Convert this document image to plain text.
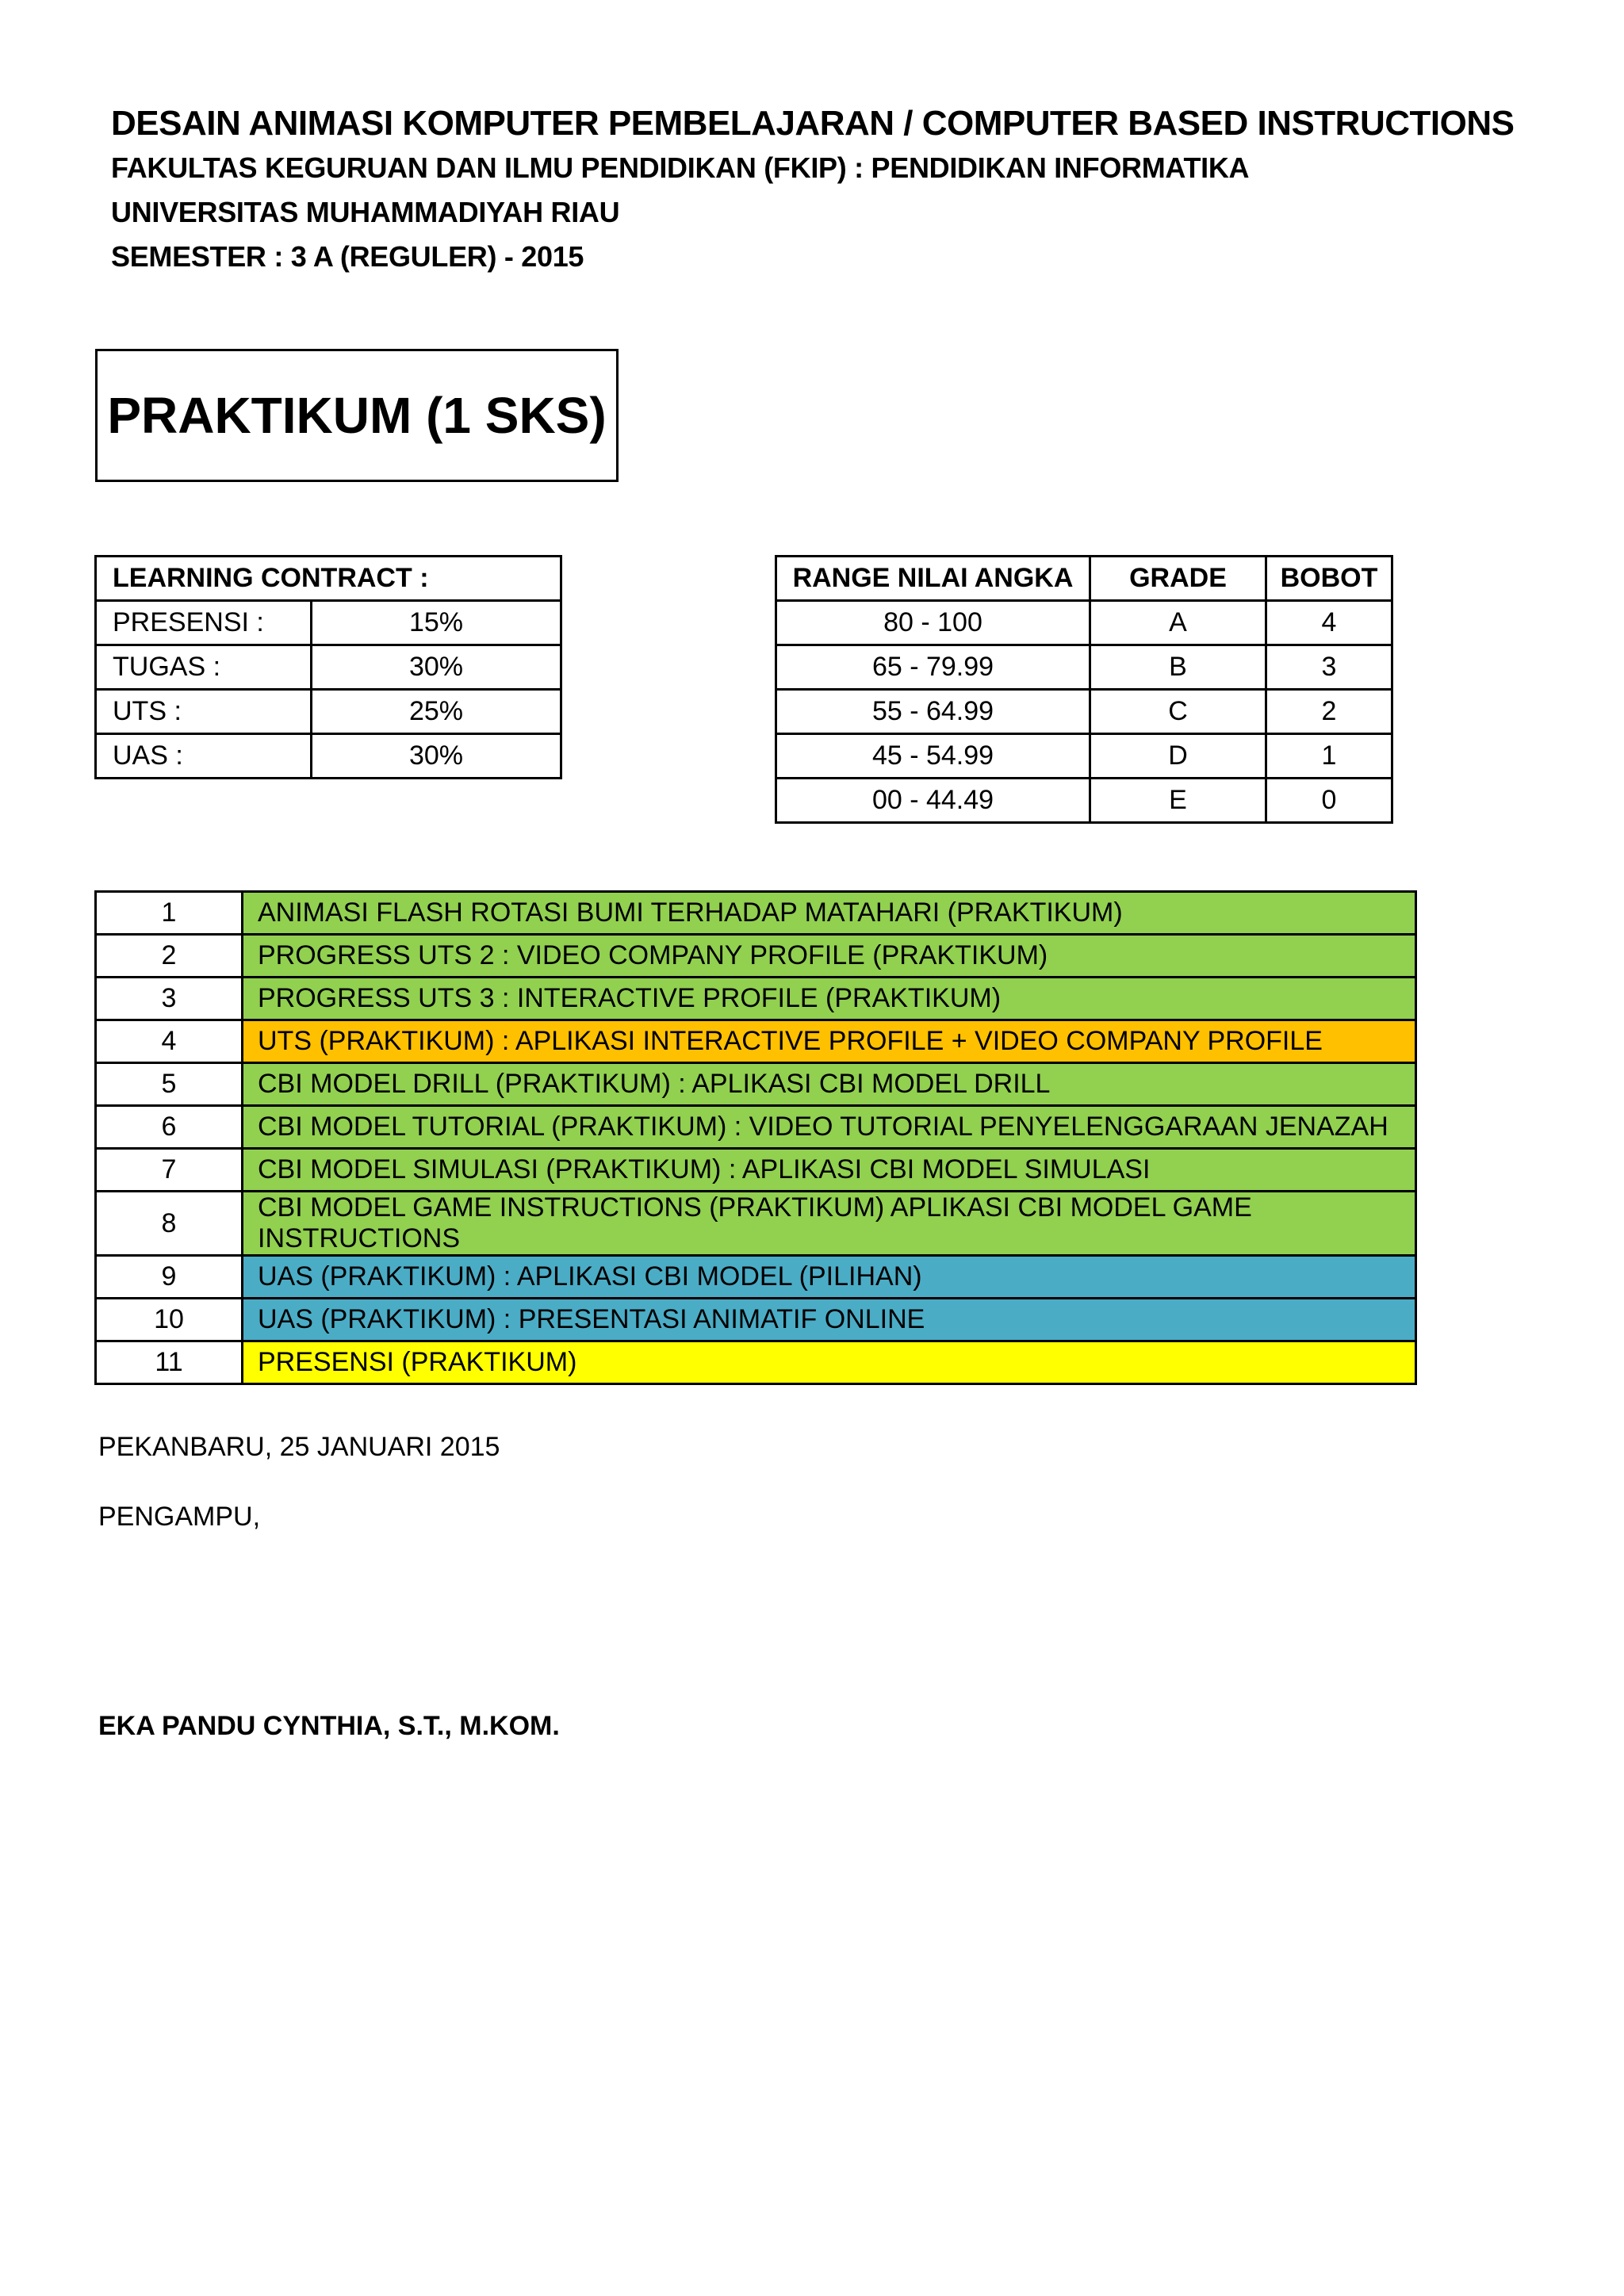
DESAIN ANIMASI KOMPUTER PEMBELAJARAN / COMPUTER BASED INSTRUCTIONS
FAKULTAS KEGURUAN DAN ILMU PENDIDIKAN (FKIP) : PENDIDIKAN INFORMATIKA
UNIVERSITAS MUHAMMADIYAH RIAU
SEMESTER : 3 A (REGULER) - 2015
PRAKTIKUM (1 SKS)
LEARNING CONTRACT :	
PRESENSI :	15%
TUGAS :	30%
UTS :	25%
UAS :	30%
RANGE NILAI ANGKA	GRADE	BOBOT
80 - 100	A	4
65 - 79.99	B	3
55 - 64.99	C	2
45 - 54.99	D	1
00 - 44.49	E	0
1	ANIMASI FLASH ROTASI BUMI TERHADAP MATAHARI (PRAKTIKUM)
2	PROGRESS UTS 2 : VIDEO COMPANY PROFILE (PRAKTIKUM)
3	PROGRESS UTS 3 : INTERACTIVE PROFILE (PRAKTIKUM)
4	UTS (PRAKTIKUM) : APLIKASI INTERACTIVE PROFILE + VIDEO COMPANY PROFILE
5	CBI MODEL DRILL (PRAKTIKUM) : APLIKASI CBI MODEL DRILL
6	CBI MODEL TUTORIAL (PRAKTIKUM) : VIDEO TUTORIAL PENYELENGGARAAN JENAZAH
7	CBI MODEL SIMULASI (PRAKTIKUM) : APLIKASI CBI MODEL SIMULASI
8	CBI MODEL GAME INSTRUCTIONS (PRAKTIKUM) APLIKASI CBI MODEL GAME INSTRUCTIONS
9	UAS (PRAKTIKUM) : APLIKASI CBI MODEL (PILIHAN)
10	UAS (PRAKTIKUM) : PRESENTASI ANIMATIF ONLINE
11	PRESENSI (PRAKTIKUM)
PEKANBARU, 25 JANUARI 2015
PENGAMPU,
EKA PANDU CYNTHIA, S.T., M.KOM.
